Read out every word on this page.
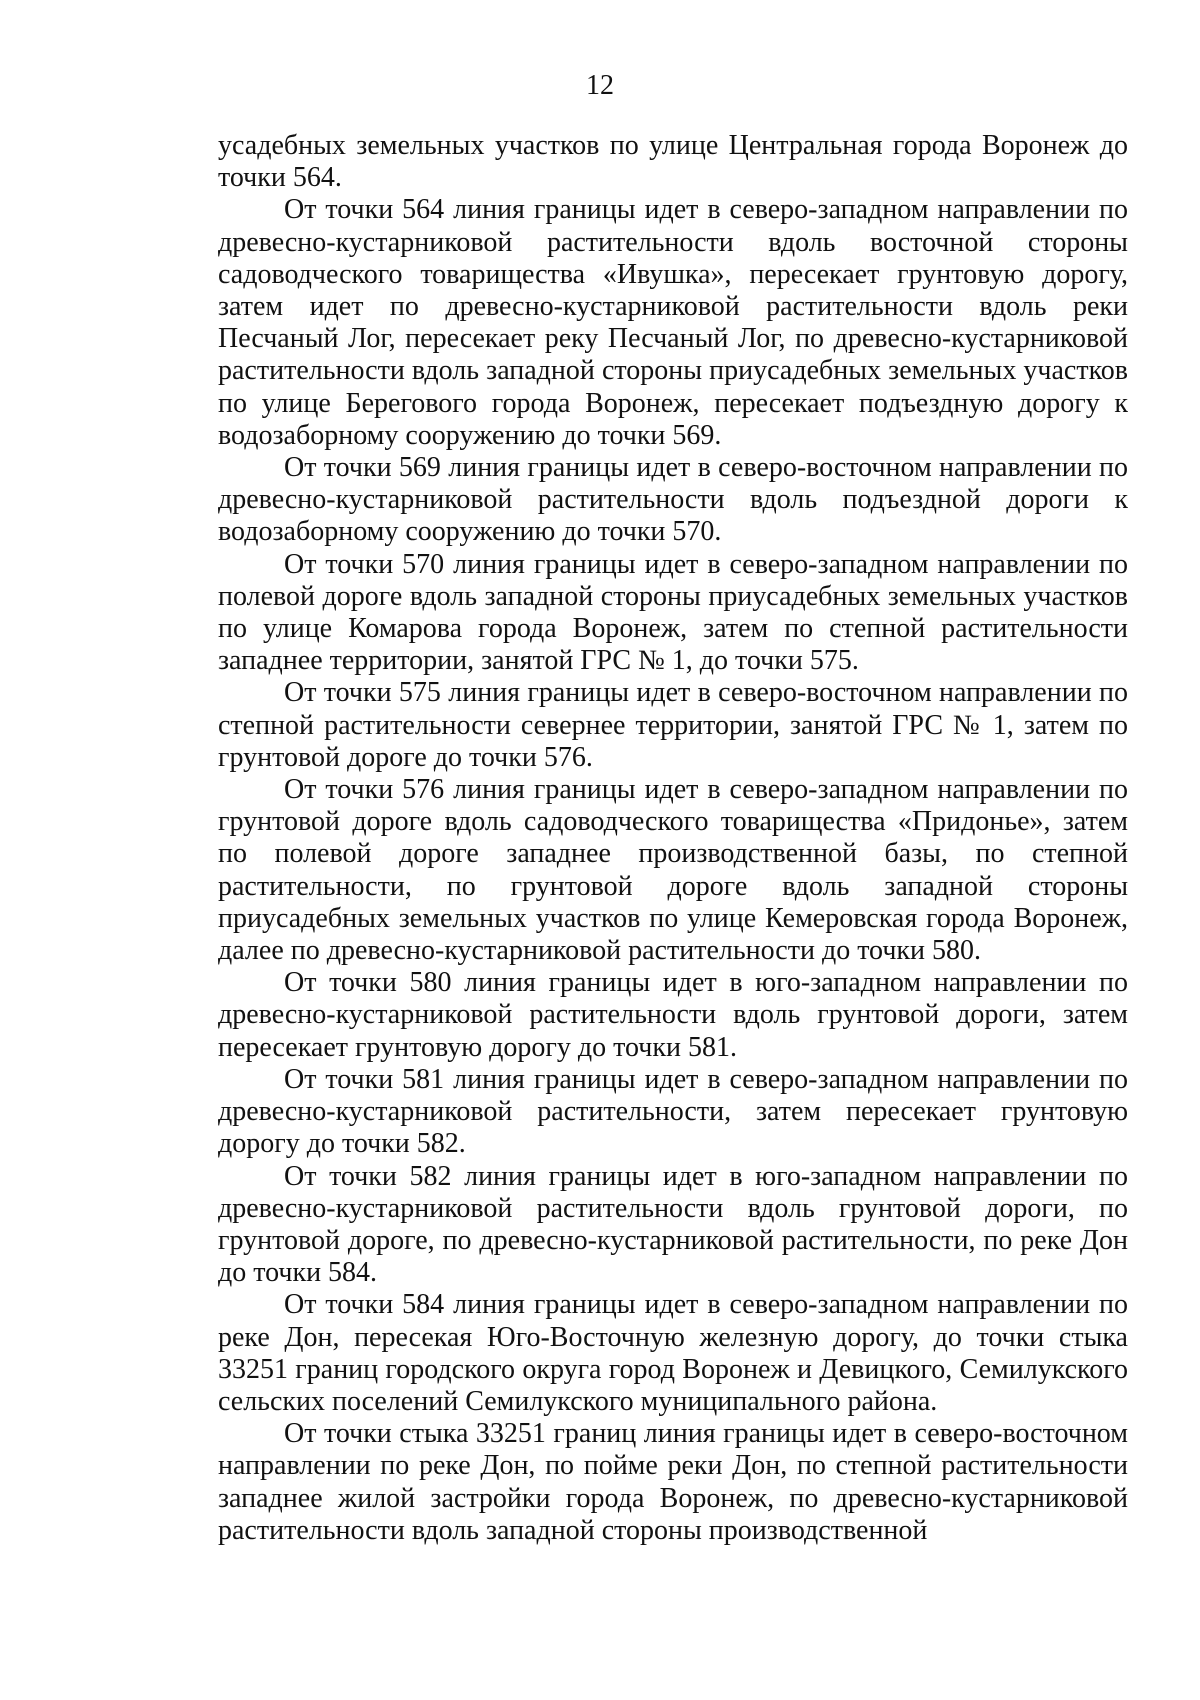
12

усадебных земельных участков по улице Центральная города Воронеж до точки 564.

От точки 564 линия границы идет в северо-западном направлении по древесно-кустарниковой растительности вдоль восточной стороны садоводческого товарищества «Ивушка», пересекает грунтовую дорогу, затем идет по древесно-кустарниковой растительности вдоль реки Песчаный Лог, пересекает реку Песчаный Лог, по древесно-кустарниковой растительности вдоль западной стороны приусадебных земельных участков по улице Берегового города Воронеж, пересекает подъездную дорогу к водозаборному сооружению до точки 569.

От точки 569 линия границы идет в северо-восточном направлении по древесно-кустарниковой растительности вдоль подъездной дороги к водозаборному сооружению до точки 570.

От точки 570 линия границы идет в северо-западном направлении по полевой дороге вдоль западной стороны приусадебных земельных участков по улице Комарова города Воронеж, затем по степной растительности западнее территории, занятой ГРС № 1, до точки 575.

От точки 575 линия границы идет в северо-восточном направлении по степной растительности севернее территории, занятой ГРС № 1, затем по грунтовой дороге до точки 576.

От точки 576 линия границы идет в северо-западном направлении по грунтовой дороге вдоль садоводческого товарищества «Придонье», затем по полевой дороге западнее производственной базы, по степной растительности, по грунтовой дороге вдоль западной стороны приусадебных земельных участков по улице Кемеровская города Воронеж, далее по древесно-кустарниковой растительности до точки 580.

От точки 580 линия границы идет в юго-западном направлении по древесно-кустарниковой растительности вдоль грунтовой дороги, затем пересекает грунтовую дорогу до точки 581.

От точки 581 линия границы идет в северо-западном направлении по древесно-кустарниковой растительности, затем пересекает грунтовую дорогу до точки 582.

От точки 582 линия границы идет в юго-западном направлении по древесно-кустарниковой растительности вдоль грунтовой дороги, по грунтовой дороге, по древесно-кустарниковой растительности, по реке Дон до точки 584.

От точки 584 линия границы идет в северо-западном направлении по реке Дон, пересекая Юго-Восточную железную дорогу, до точки стыка 33251 границ городского округа город Воронеж и Девицкого, Семилукского сельских поселений Семилукского муниципального района.

От точки стыка 33251 границ линия границы идет в северо-восточном направлении по реке Дон, по пойме реки Дон, по степной растительности западнее жилой застройки города Воронеж, по древесно-кустарниковой растительности вдоль западной стороны производственной
